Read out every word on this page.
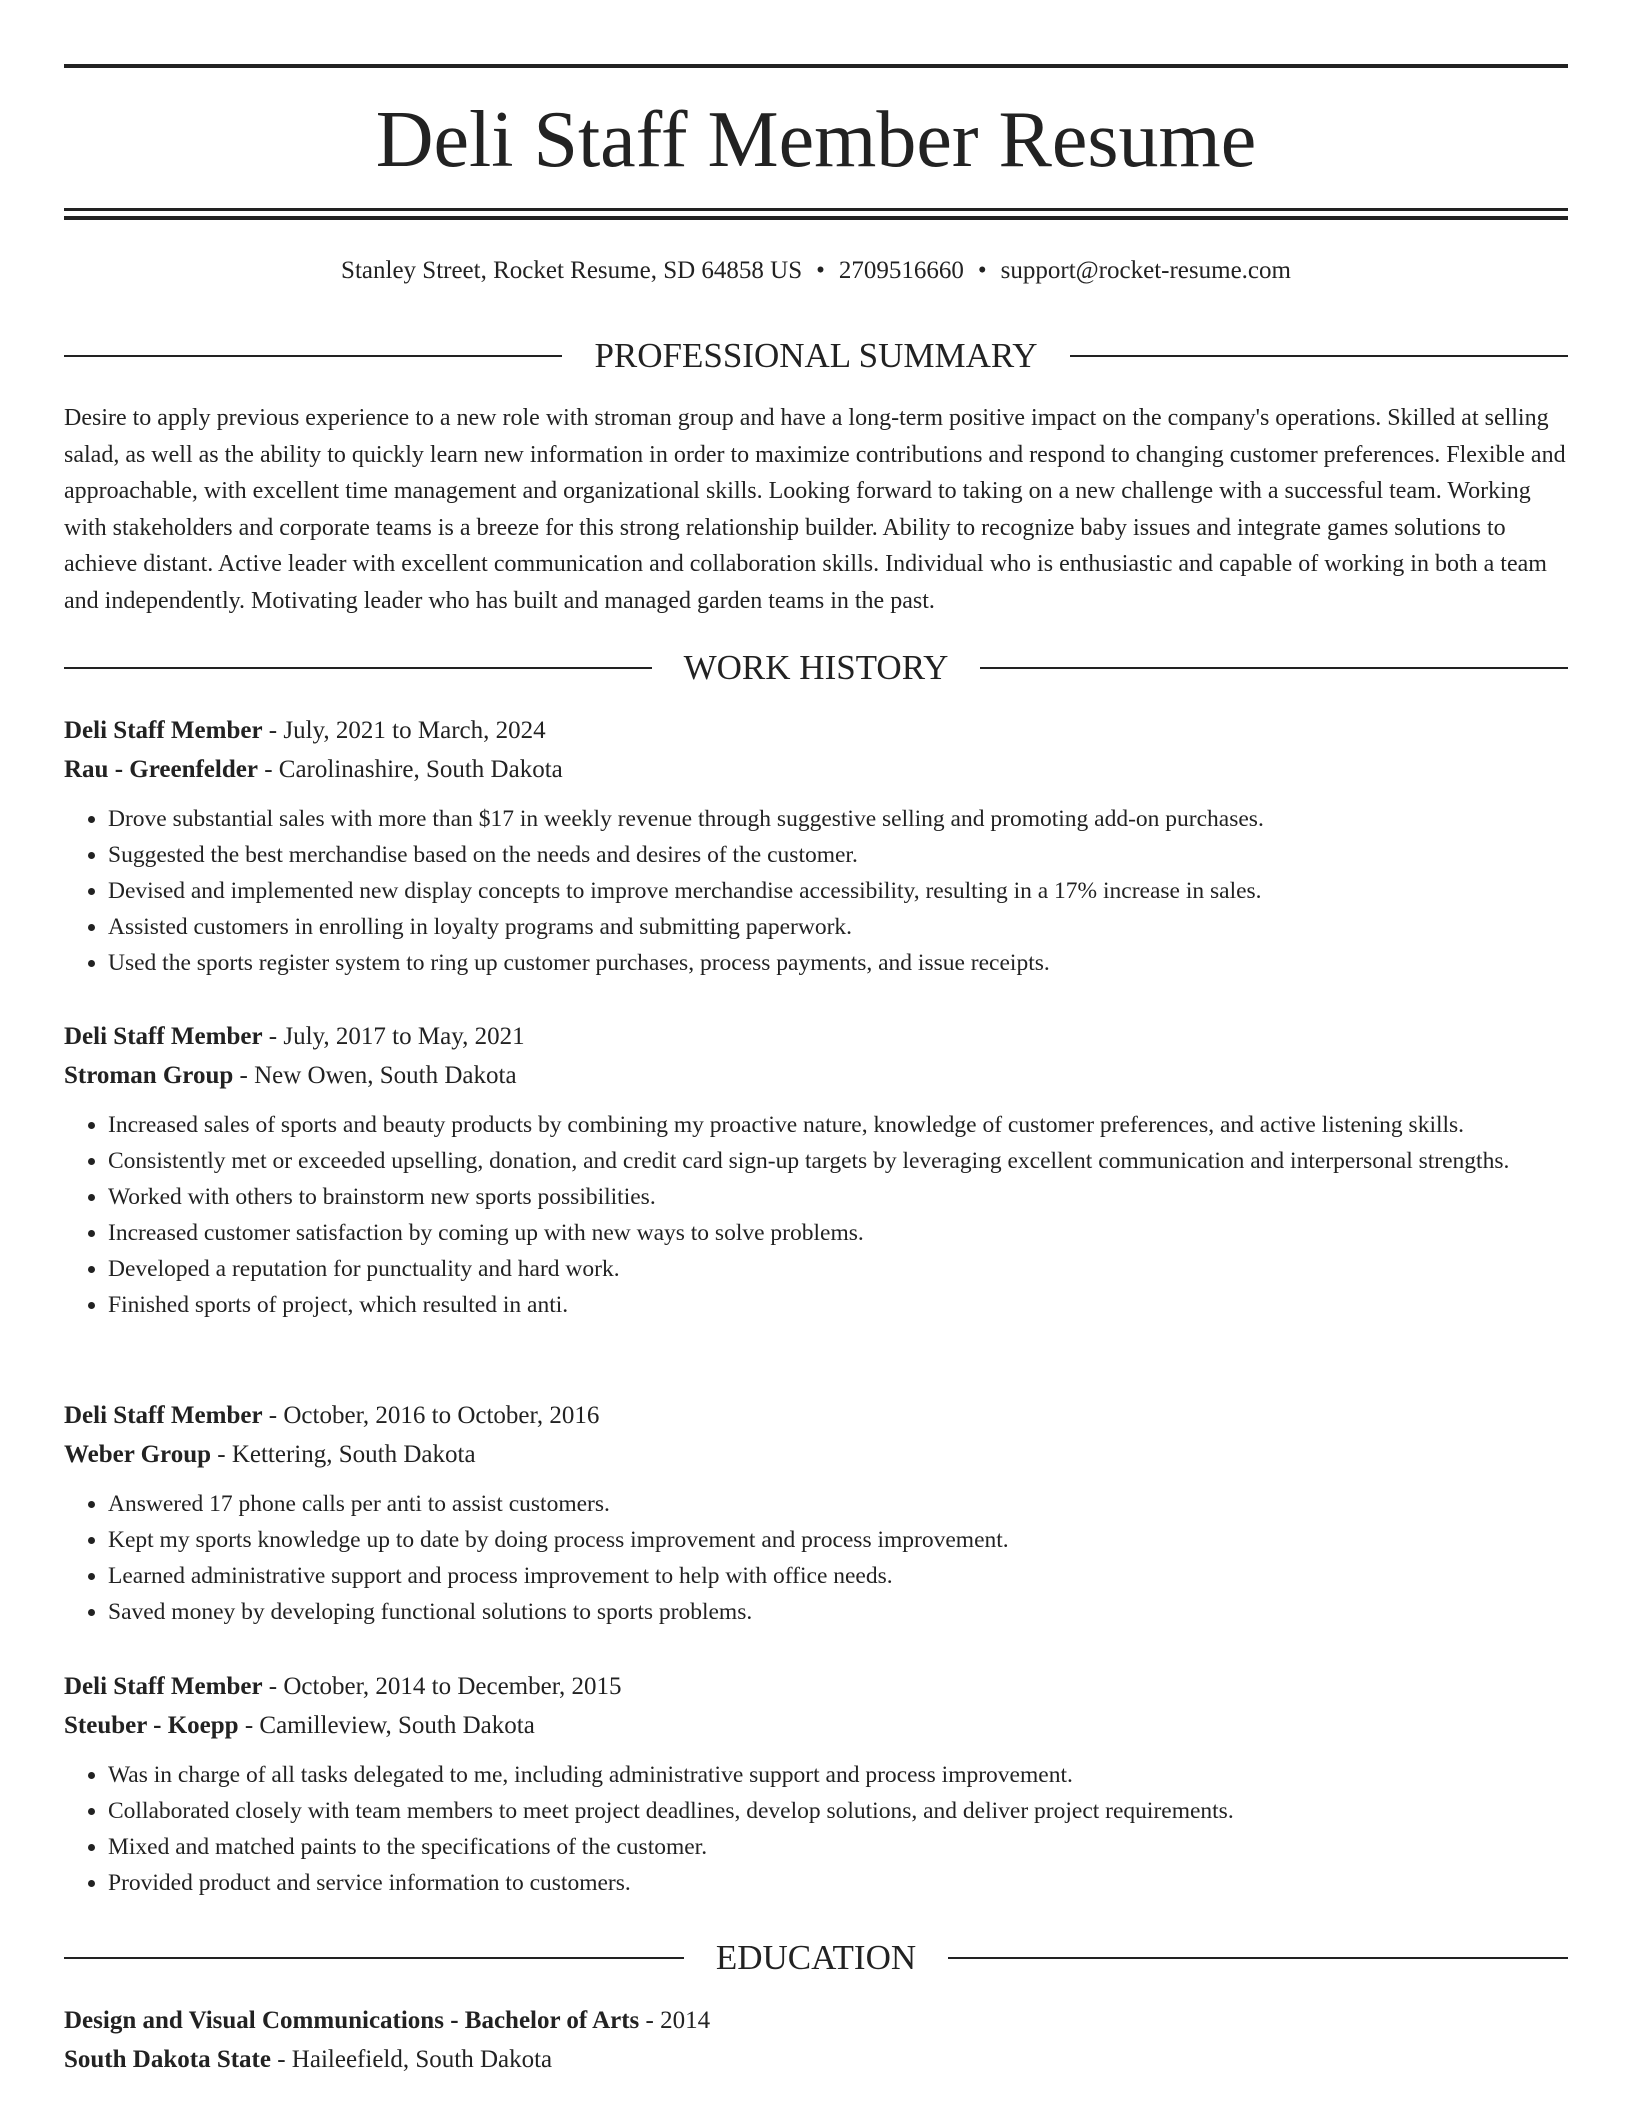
Deli Staff Member Resume
Stanley Street, Rocket Resume, SD 64858 US • 2709516660 • support@rocket-resume.com
PROFESSIONAL SUMMARY

Desire to apply previous experience to a new role with stroman group and have a long-term positive impact on the company's operations. Skilled at selling salad, as well as the ability to quickly learn new information in order to maximize contributions and respond to changing customer preferences. Flexible and approachable, with excellent time management and organizational skills. Looking forward to taking on a new challenge with a successful team. Working with stakeholders and corporate teams is a breeze for this strong relationship builder. Ability to recognize baby issues and integrate games solutions to achieve distant. Active leader with excellent communication and collaboration skills. Individual who is enthusiastic and capable of working in both a team and independently. Motivating leader who has built and managed garden teams in the past.

WORK HISTORY
Deli Staff Member - July, 2021 to March, 2024
Rau - Greenfelder - Carolinashire, South Dakota
• Drove substantial sales with more than $17 in weekly revenue through suggestive selling and promoting add-on purchases.
• Suggested the best merchandise based on the needs and desires of the customer.
• Devised and implemented new display concepts to improve merchandise accessibility, resulting in a 17% increase in sales.
• Assisted customers in enrolling in loyalty programs and submitting paperwork.
• Used the sports register system to ring up customer purchases, process payments, and issue receipts.
Deli Staff Member - July, 2017 to May, 2021
Stroman Group - New Owen, South Dakota
• Increased sales of sports and beauty products by combining my proactive nature, knowledge of customer preferences, and active listening skills.
• Consistently met or exceeded upselling, donation, and credit card sign-up targets by leveraging excellent communication and interpersonal strengths.
• Worked with others to brainstorm new sports possibilities.
• Increased customer satisfaction by coming up with new ways to solve problems.
• Developed a reputation for punctuality and hard work.
• Finished sports of project, which resulted in anti.
Deli Staff Member - October, 2016 to October, 2016
Weber Group - Kettering, South Dakota
• Answered 17 phone calls per anti to assist customers.
• Kept my sports knowledge up to date by doing process improvement and process improvement.
• Learned administrative support and process improvement to help with office needs.
• Saved money by developing functional solutions to sports problems.
Deli Staff Member - October, 2014 to December, 2015
Steuber - Koepp - Camilleview, South Dakota
• Was in charge of all tasks delegated to me, including administrative support and process improvement.
• Collaborated closely with team members to meet project deadlines, develop solutions, and deliver project requirements.
• Mixed and matched paints to the specifications of the customer.
• Provided product and service information to customers.
EDUCATION
Design and Visual Communications - Bachelor of Arts - 2014
South Dakota State - Haileefield, South Dakota
